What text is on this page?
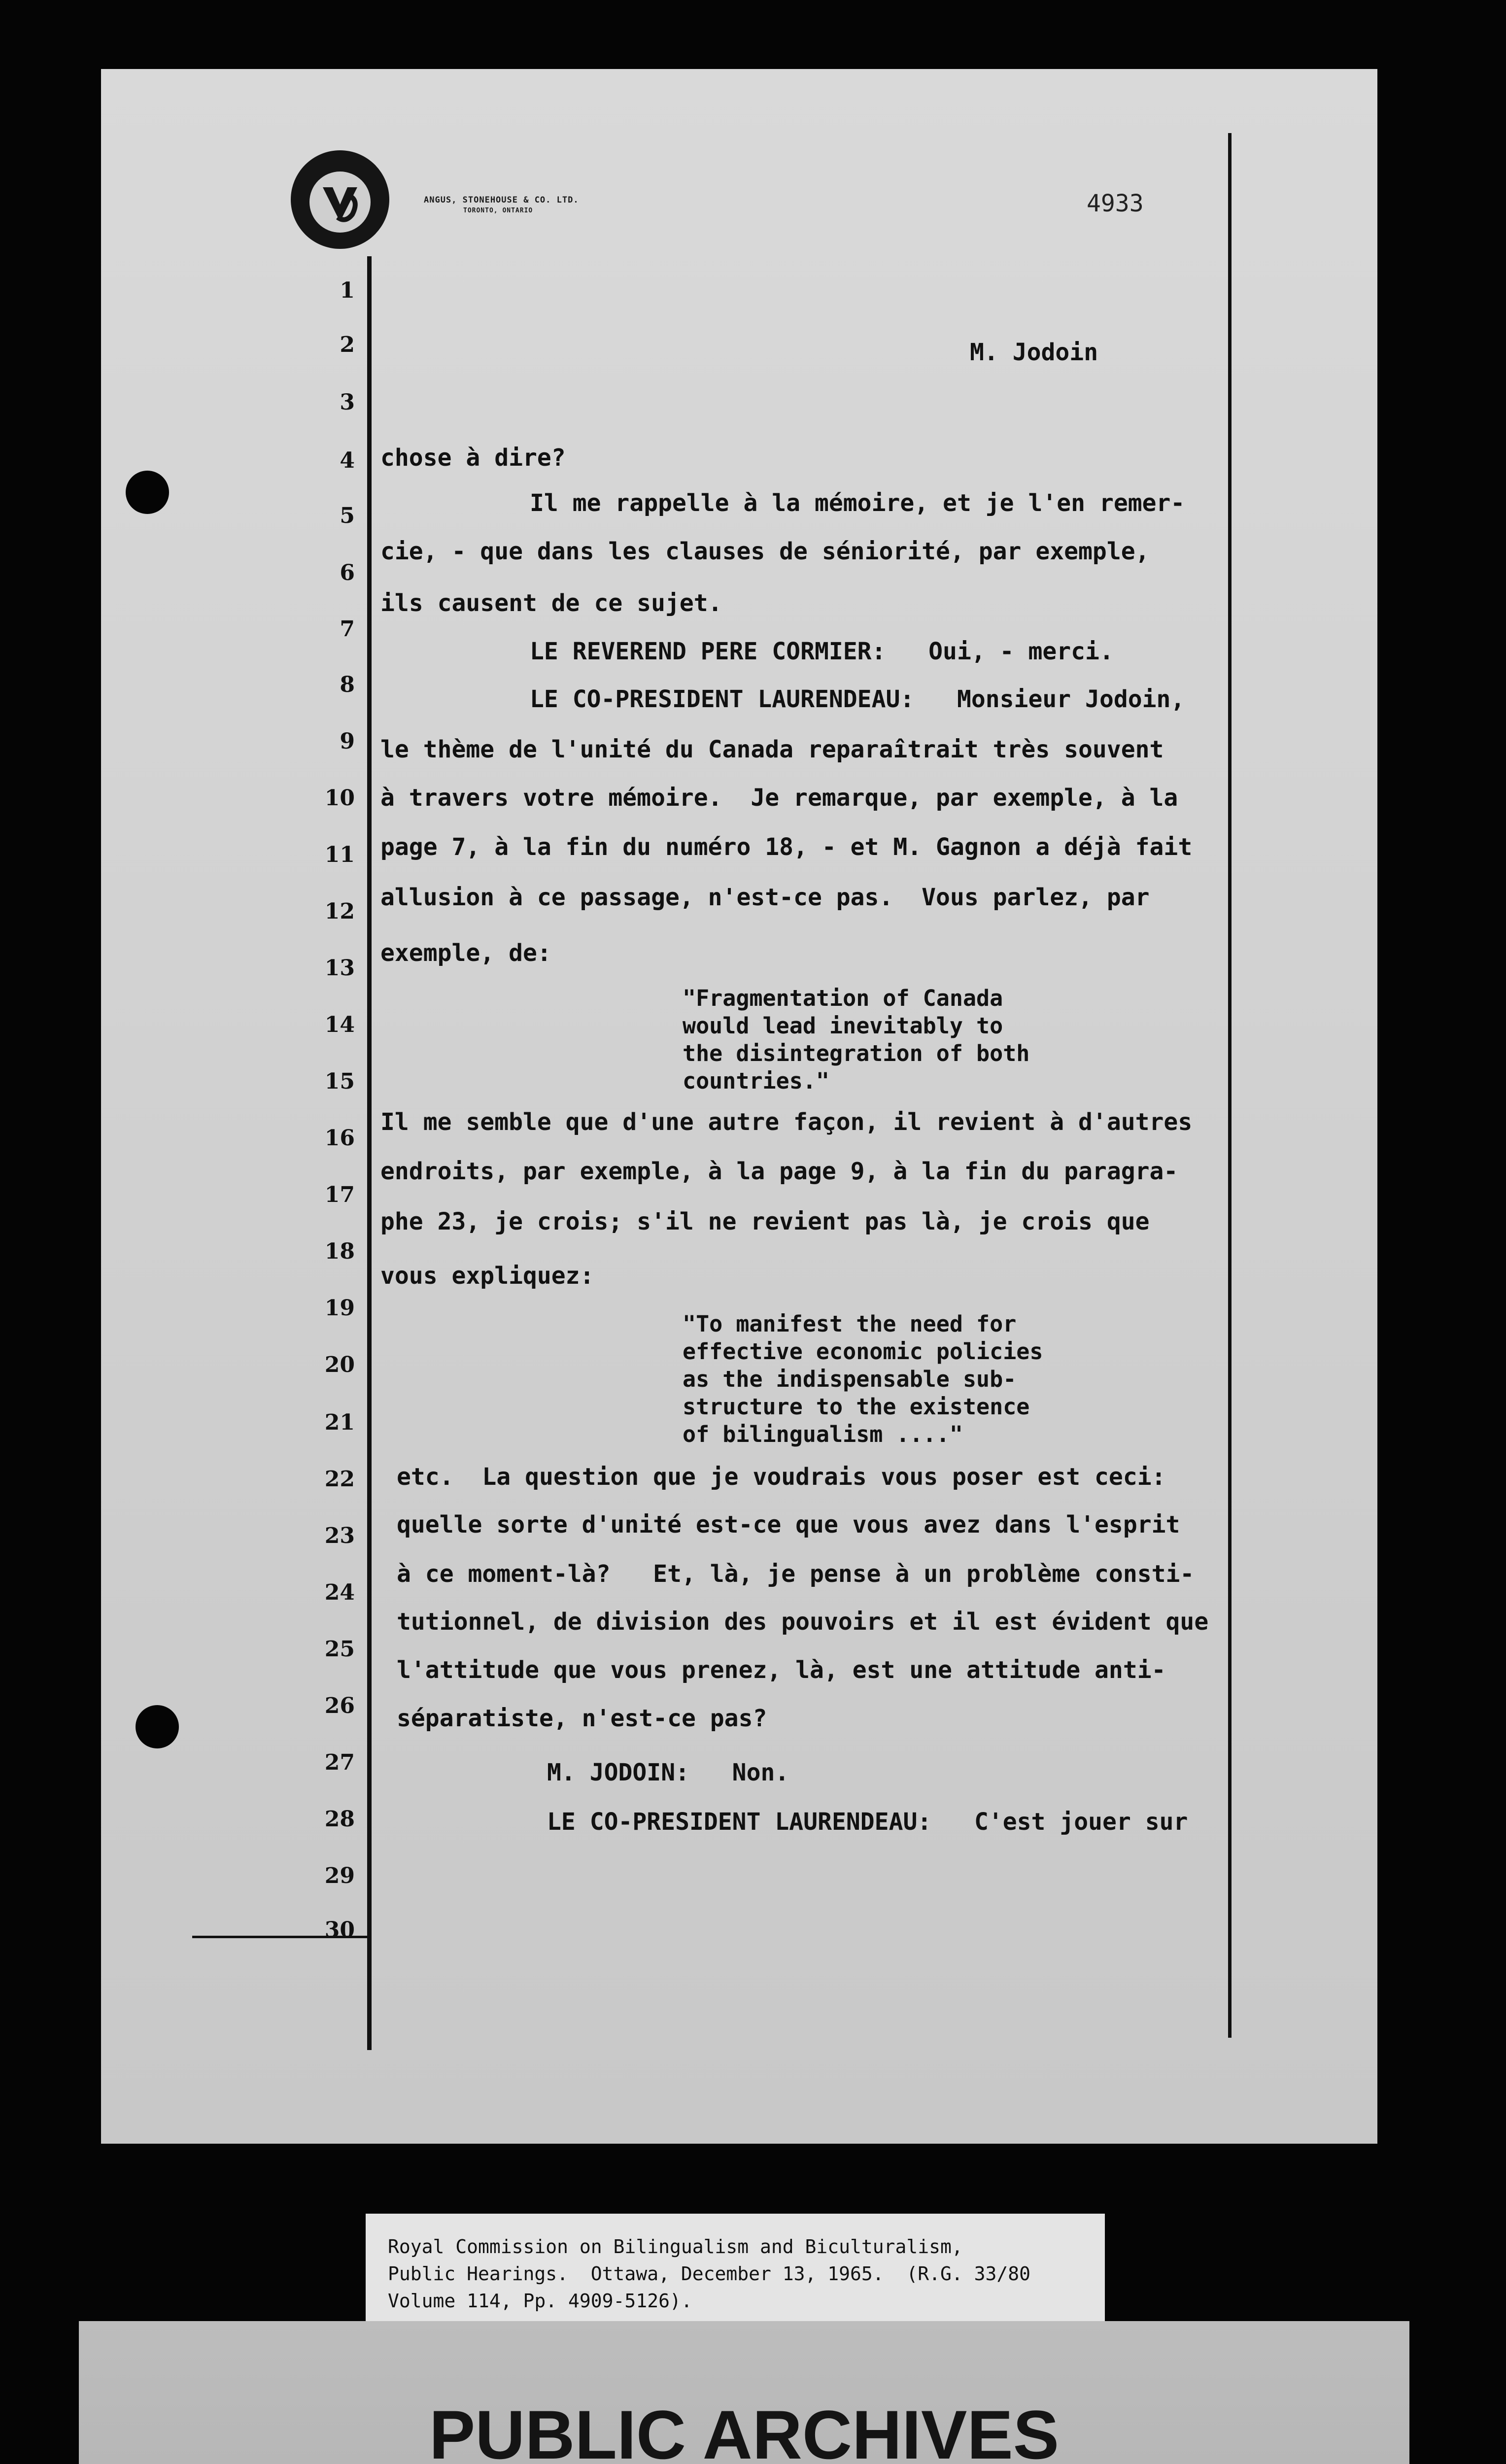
ANGUS, STONEHOUSE & CO. LTD.
TORONTO, ONTARIO	4933
1
2
3
4
5
6
7
8
9
10
11
12
13
14
15
16
17
18
19
20
21
22
23
24
25
26
27
28
29
30
M. Jodoin
chose à dire?
Il me rappelle à la mémoire, et je l'en remer-
cie, - que dans les clauses de séniorité, par exemple,
ils causent de ce sujet.
LE REVEREND PERE CORMIER:   Oui, - merci.
LE CO-PRESIDENT LAURENDEAU:   Monsieur Jodoin,
le thème de l'unité du Canada reparaîtrait très souvent
à travers votre mémoire.  Je remarque, par exemple, à la
page 7, à la fin du numéro 18, - et M. Gagnon a déjà fait
allusion à ce passage, n'est-ce pas.  Vous parlez, par
exemple, de:
"Fragmentation of Canada
would lead inevitably to
the disintegration of both
countries."
Il me semble que d'une autre façon, il revient à d'autres
endroits, par exemple, à la page 9, à la fin du paragra-
phe 23, je crois; s'il ne revient pas là, je crois que
vous expliquez:
"To manifest the need for
effective economic policies
as the indispensable sub-
structure to the existence
of bilingualism ...."
etc.  La question que je voudrais vous poser est ceci:
quelle sorte d'unité est-ce que vous avez dans l'esprit
à ce moment-là?   Et, là, je pense à un problème consti-
tutionnel, de division des pouvoirs et il est évident que
l'attitude que vous prenez, là, est une attitude anti-
séparatiste, n'est-ce pas?
M. JODOIN:   Non.
LE CO-PRESIDENT LAURENDEAU:   C'est jouer sur
Royal Commission on Bilingualism and Biculturalism,
Public Hearings.  Ottawa, December 13, 1965.  (R.G. 33/80
Volume 114, Pp. 4909-5126).
PUBLIC ARCHIVES
